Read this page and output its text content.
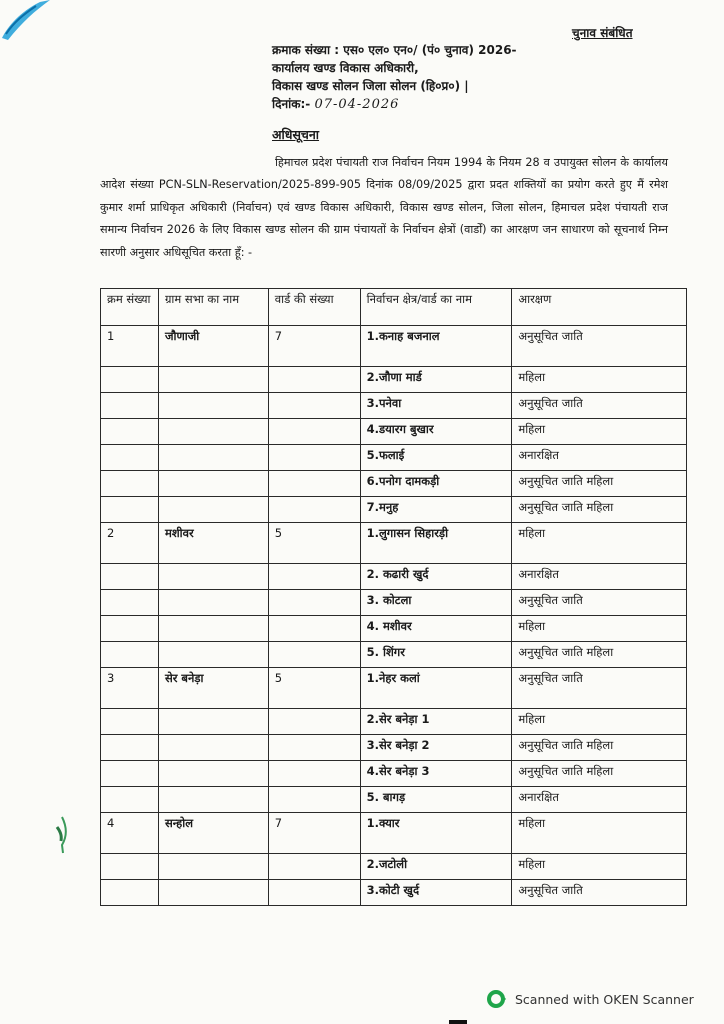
चुनाव संबंधित
क्रमाक संख्या : एस० एल० एन०/ (पं० चुनाव) 2026-
कार्यालय खण्ड विकास अधिकारी,
विकास खण्ड सोलन जिला सोलन (हि०प्र०) |
दिनांक:- 07-04-2026
अधिसूचना
हिमाचल प्रदेश पंचायती राज निर्वाचन नियम 1994 के नियम 28 व उपायुक्त सोलन के कार्यालय आदेश संख्या PCN-SLN-Reservation/2025-899-905 दिनांक 08/09/2025 द्वारा प्रदत शक्तियों का प्रयोग करते हुए मैं रमेश कुमार शर्मा प्राधिकृत अधिकारी (निर्वाचन) एवं खण्ड विकास अधिकारी, विकास खण्ड सोलन, जिला सोलन, हिमाचल प्रदेश पंचायती राज समान्य निर्वाचन 2026 के लिए विकास खण्ड सोलन की ग्राम पंचायतों के निर्वाचन क्षेत्रों (वार्डों) का आरक्षण जन साधारण को सूचनार्थ निम्न सारणी अनुसार अधिसूचित करता हूँ: -
क्रम संख्या	ग्राम सभा का नाम	वार्ड की संख्या	निर्वाचन क्षेत्र/वार्ड का नाम	आरक्षण
1	जौणाजी	7	1.कनाह बजनाल	अनुसूचित जाति
			2.जौणा मार्ड	महिला
			3.पनेवा	अनुसूचित जाति
			4.डयारग बुखार	महिला
			5.फलाई	अनारक्षित
			6.पनोग दामकड़ी	अनुसूचित जाति महिला
			7.मनुह	अनुसूचित जाति महिला
2	मशीवर	5	1.लुगासन सिहारड़ी	महिला
			2. कढारी खुर्द	अनारक्षित
			3. कोटला	अनुसूचित जाति
			4. मशीवर	महिला
			5. शिंगर	अनुसूचित जाति महिला
3	सेर बनेड़ा	5	1.नेहर कलां	अनुसूचित जाति
			2.सेर बनेड़ा 1	महिला
			3.सेर बनेड़ा 2	अनुसूचित जाति महिला
			4.सेर बनेड़ा 3	अनुसूचित जाति महिला
			5. बागड़	अनारक्षित
4	सन्होल	7	1.क्यार	महिला
			2.जटोली	महिला
			3.कोटी खुर्द	अनुसूचित जाति
Scanned with OKEN Scanner
